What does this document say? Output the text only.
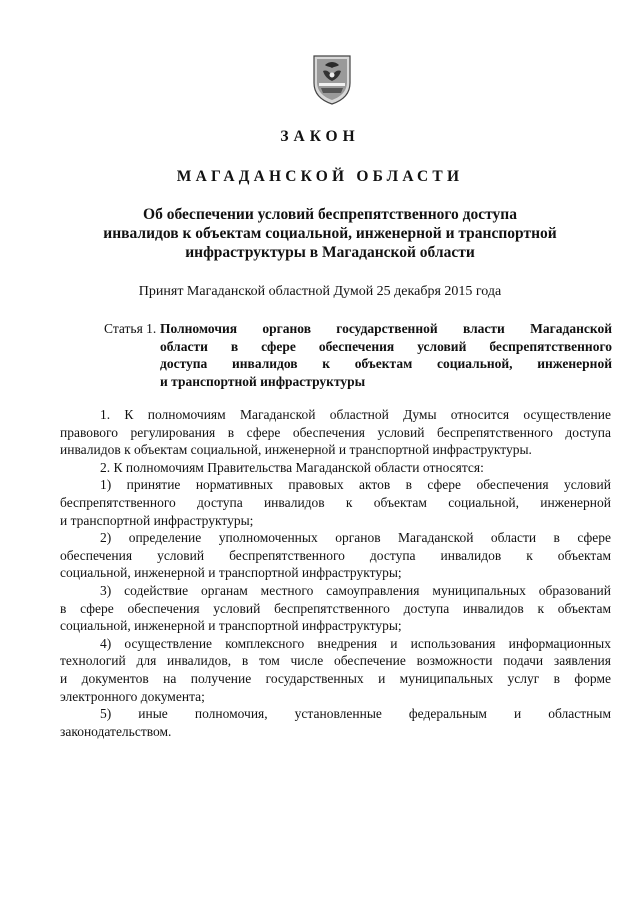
ЗАКОН
МАГАДАНСКОЙ ОБЛАСТИ
Об обеспечении условий беспрепятственного доступа
инвалидов к объектам социальной, инженерной и транспортной
инфраструктуры в Магаданской области
Принят Магаданской областной Думой 25 декабря 2015 года
Статья 1. Полномочия органов государственной власти Магаданской
области в сфере обеспечения условий беспрепятственного
доступа инвалидов к объектам социальной, инженерной
и транспортной инфраструктуры
1. К полномочиям Магаданской областной Думы относится осуществление
правового регулирования в сфере обеспечения условий беспрепятственного доступа
инвалидов к объектам социальной, инженерной и транспортной инфраструктуры.
2. К полномочиям Правительства Магаданской области относятся:
1) принятие нормативных правовых актов в сфере обеспечения условий
беспрепятственного доступа инвалидов к объектам социальной, инженерной
и транспортной инфраструктуры;
2) определение уполномоченных органов Магаданской области в сфере
обеспечения условий беспрепятственного доступа инвалидов к объектам
социальной, инженерной и транспортной инфраструктуры;
3) содействие органам местного самоуправления муниципальных образований
в сфере обеспечения условий беспрепятственного доступа инвалидов к объектам
социальной, инженерной и транспортной инфраструктуры;
4) осуществление комплексного внедрения и использования информационных
технологий для инвалидов, в том числе обеспечение возможности подачи заявления
и документов на получение государственных и муниципальных услуг в форме
электронного документа;
5) иные полномочия, установленные федеральным и областным
законодательством.
